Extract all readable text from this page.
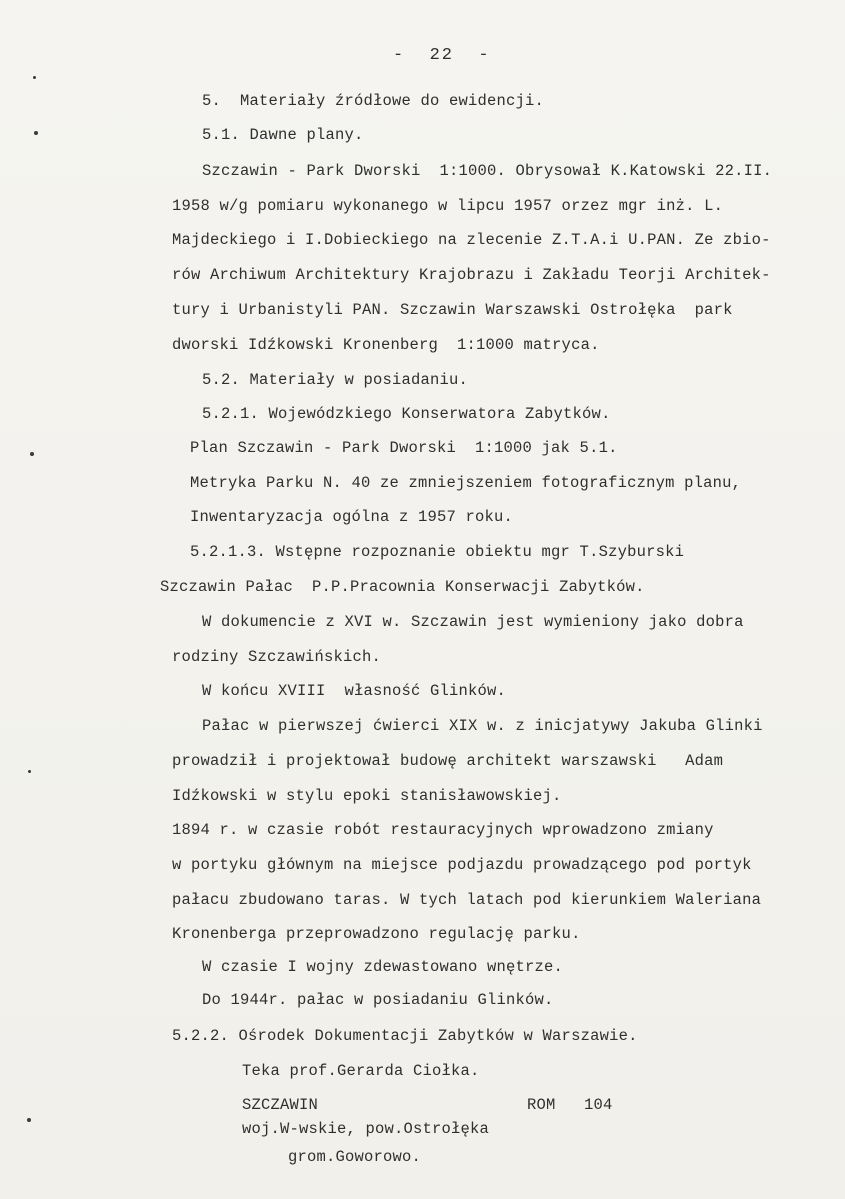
-  22  -
5.  Materiały źródłowe do ewidencji.
5.1. Dawne plany.
Szczawin - Park Dworski  1:1000. Obrysował K.Katowski 22.II.
1958 w/g pomiaru wykonanego w lipcu 1957 orzez mgr inż. L.
Majdeckiego i I.Dobieckiego na zlecenie Z.T.A.i U.PAN. Ze zbio-
rów Archiwum Architektury Krajobrazu i Zakładu Teorji Architek-
tury i Urbanistyli PAN. Szczawin Warszawski Ostrołęka  park
dworski Idźkowski Kronenberg  1:1000 matryca.
5.2. Materiały w posiadaniu.
5.2.1. Wojewódzkiego Konserwatora Zabytków.
Plan Szczawin - Park Dworski  1:1000 jak 5.1.
Metryka Parku N. 40 ze zmniejszeniem fotograficznym planu,
Inwentaryzacja ogólna z 1957 roku.
5.2.1.3. Wstępne rozpoznanie obiektu mgr T.Szyburski
Szczawin Pałac  P.P.Pracownia Konserwacji Zabytków.
W dokumencie z XVI w. Szczawin jest wymieniony jako dobra
rodziny Szczawińskich.
W końcu XVIII  własność Glinków.
Pałac w pierwszej ćwierci XIX w. z inicjatywy Jakuba Glinki
prowadził i projektował budowę architekt warszawski   Adam
Idźkowski w stylu epoki stanisławowskiej.
1894 r. w czasie robót restauracyjnych wprowadzono zmiany
w portyku głównym na miejsce podjazdu prowadzącego pod portyk
pałacu zbudowano taras. W tych latach pod kierunkiem Waleriana
Kronenberga przeprowadzono regulację parku.
W czasie I wojny zdewastowano wnętrze.
Do 1944r. pałac w posiadaniu Glinków.
5.2.2. Ośrodek Dokumentacji Zabytków w Warszawie.
Teka prof.Gerarda Ciołka.
SZCZAWIN                      ROM   104
woj.W-wskie, pow.Ostrołęka
grom.Goworowo.
